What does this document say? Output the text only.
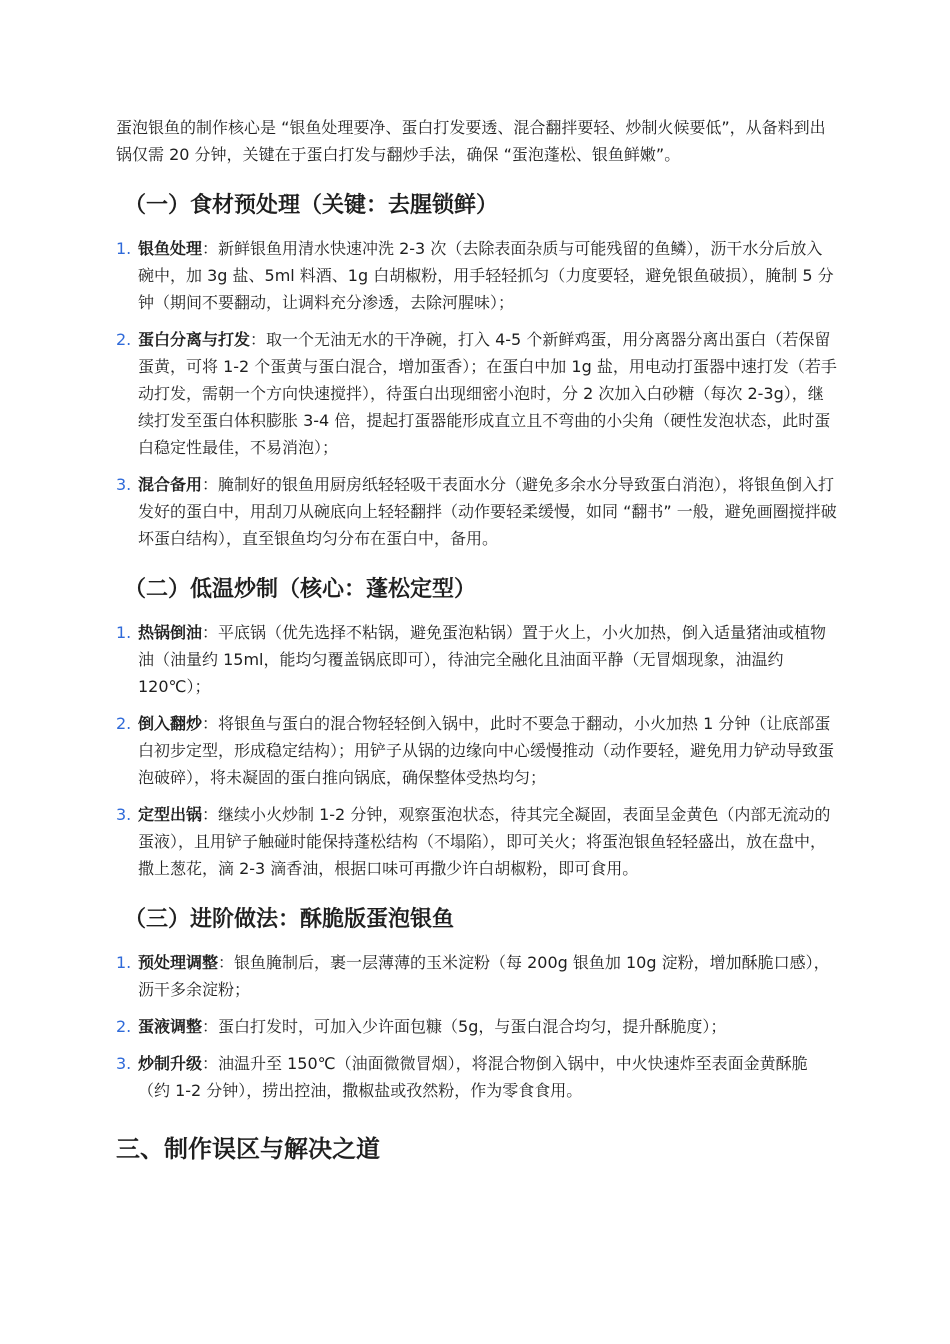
蛋泡银鱼的制作核心是 “银鱼处理要净、蛋白打发要透、混合翻拌要轻、炒制火候要低”，从备料到出锅仅需 20 分钟，关键在于蛋白打发与翻炒手法，确保 “蛋泡蓬松、银鱼鲜嫩”。

（一）食材预处理（关键：去腥锁鲜）
1. 银鱼处理：新鲜银鱼用清水快速冲洗 2-3 次（去除表面杂质与可能残留的鱼鳞），沥干水分后放入碗中，加 3g 盐、5ml 料酒、1g 白胡椒粉，用手轻轻抓匀（力度要轻，避免银鱼破损），腌制 5 分钟（期间不要翻动，让调料充分渗透，去除河腥味）；
2. 蛋白分离与打发：取一个无油无水的干净碗，打入 4-5 个新鲜鸡蛋，用分离器分离出蛋白（若保留蛋黄，可将 1-2 个蛋黄与蛋白混合，增加蛋香）；在蛋白中加 1g 盐，用电动打蛋器中速打发（若手动打发，需朝一个方向快速搅拌），待蛋白出现细密小泡时，分 2 次加入白砂糖（每次 2-3g），继续打发至蛋白体积膨胀 3-4 倍，提起打蛋器能形成直立且不弯曲的小尖角（硬性发泡状态，此时蛋白稳定性最佳，不易消泡）；
3. 混合备用：腌制好的银鱼用厨房纸轻轻吸干表面水分（避免多余水分导致蛋白消泡），将银鱼倒入打发好的蛋白中，用刮刀从碗底向上轻轻翻拌（动作要轻柔缓慢，如同 “翻书” 一般，避免画圈搅拌破坏蛋白结构），直至银鱼均匀分布在蛋白中，备用。
（二）低温炒制（核心：蓬松定型）
1. 热锅倒油：平底锅（优先选择不粘锅，避免蛋泡粘锅）置于火上，小火加热，倒入适量猪油或植物油（油量约 15ml，能均匀覆盖锅底即可），待油完全融化且油面平静（无冒烟现象，油温约 120℃）；
2. 倒入翻炒：将银鱼与蛋白的混合物轻轻倒入锅中，此时不要急于翻动，小火加热 1 分钟（让底部蛋白初步定型，形成稳定结构）；用铲子从锅的边缘向中心缓慢推动（动作要轻，避免用力铲动导致蛋泡破碎），将未凝固的蛋白推向锅底，确保整体受热均匀；
3. 定型出锅：继续小火炒制 1-2 分钟，观察蛋泡状态，待其完全凝固，表面呈金黄色（内部无流动的蛋液），且用铲子触碰时能保持蓬松结构（不塌陷），即可关火；将蛋泡银鱼轻轻盛出，放在盘中，撒上葱花，滴 2-3 滴香油，根据口味可再撒少许白胡椒粉，即可食用。
（三）进阶做法：酥脆版蛋泡银鱼
1. 预处理调整：银鱼腌制后，裹一层薄薄的玉米淀粉（每 200g 银鱼加 10g 淀粉，增加酥脆口感），沥干多余淀粉；
2. 蛋液调整：蛋白打发时，可加入少许面包糠（5g，与蛋白混合均匀，提升酥脆度）；
3. 炒制升级：油温升至 150℃（油面微微冒烟），将混合物倒入锅中，中火快速炸至表面金黄酥脆（约 1-2 分钟），捞出控油，撒椒盐或孜然粉，作为零食食用。
三、制作误区与解决之道
